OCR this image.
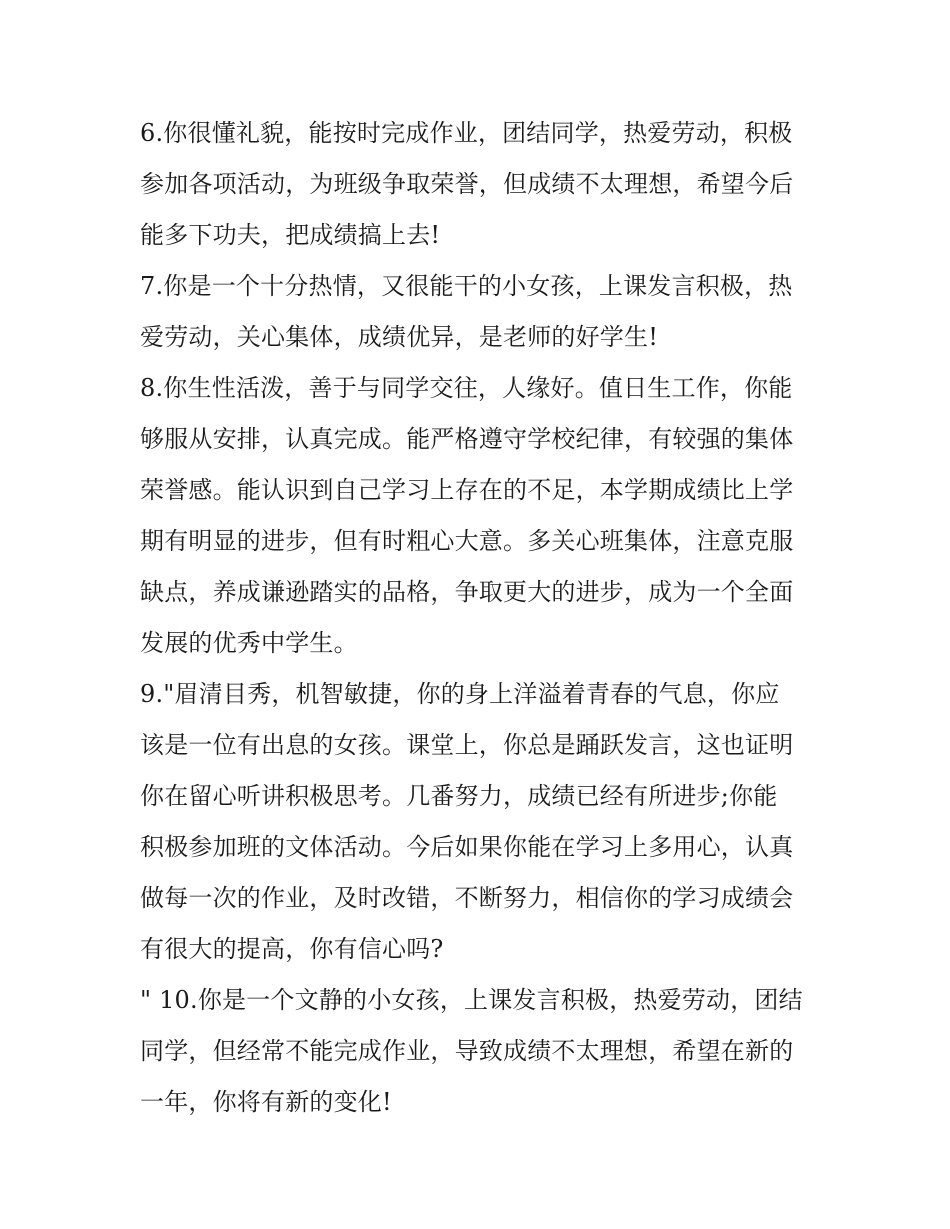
6.你很懂礼貌，能按时完成作业，团结同学，热爱劳动，积极
参加各项活动，为班级争取荣誉，但成绩不太理想，希望今后
能多下功夫，把成绩搞上去!
7.你是一个十分热情，又很能干的小女孩，上课发言积极，热
爱劳动，关心集体，成绩优异，是老师的好学生!
8.你生性活泼，善于与同学交往，人缘好。值日生工作，你能
够服从安排，认真完成。能严格遵守学校纪律，有较强的集体
荣誉感。能认识到自己学习上存在的不足，本学期成绩比上学
期有明显的进步，但有时粗心大意。多关心班集体，注意克服
缺点，养成谦逊踏实的品格，争取更大的进步，成为一个全面
发展的优秀中学生。
9."眉清目秀，机智敏捷，你的身上洋溢着青春的气息，你应
该是一位有出息的女孩。课堂上，你总是踊跃发言，这也证明
你在留心听讲积极思考。几番努力，成绩已经有所进步;你能
积极参加班的文体活动。今后如果你能在学习上多用心，认真
做每一次的作业，及时改错，不断努力，相信你的学习成绩会
有很大的提高，你有信心吗?
" 10.你是一个文静的小女孩，上课发言积极，热爱劳动，团结
同学，但经常不能完成作业，导致成绩不太理想，希望在新的
一年，你将有新的变化!
